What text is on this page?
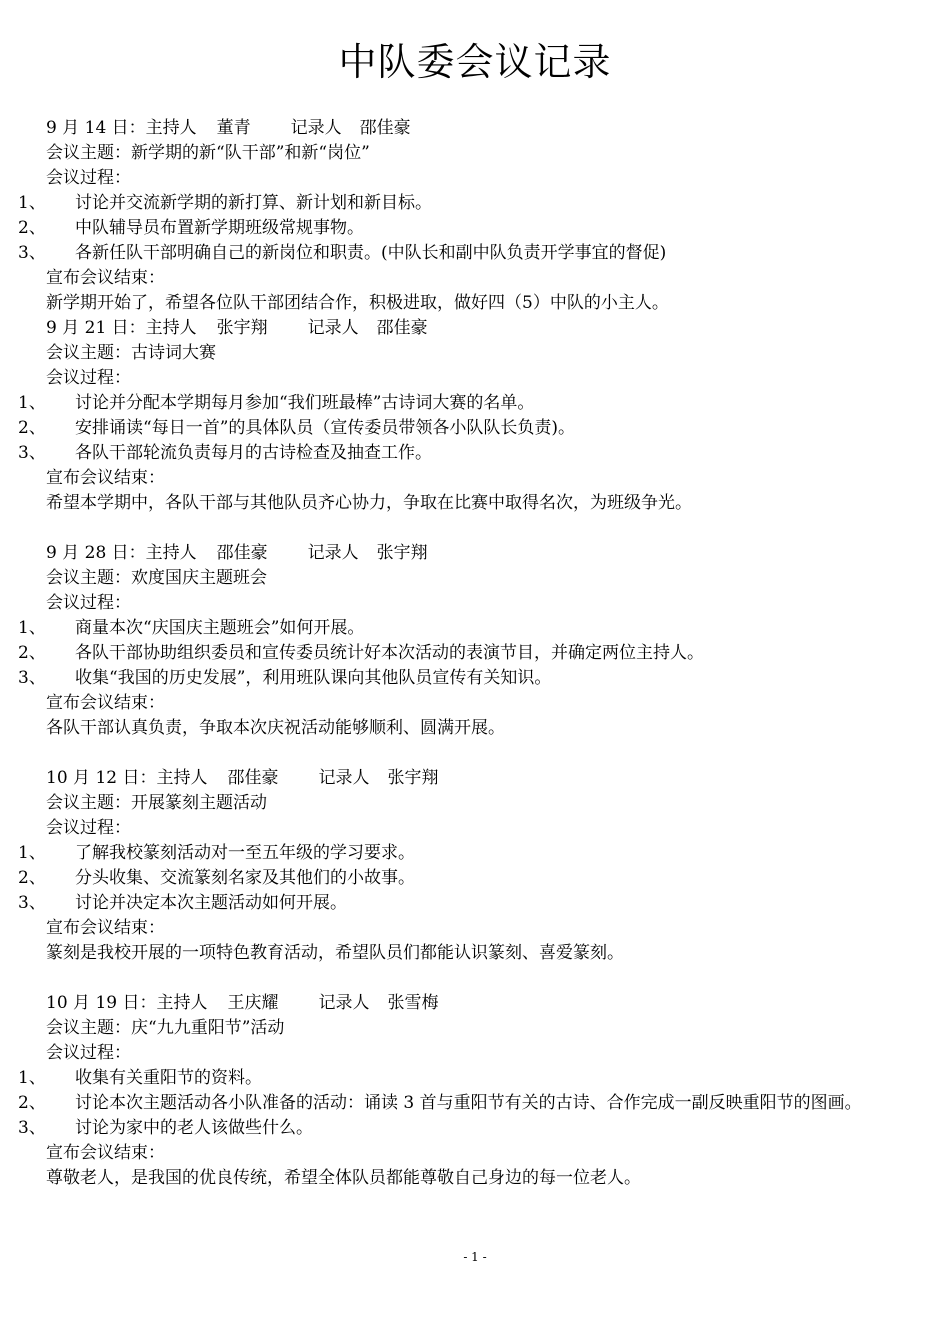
中队委会议记录
9 月 14 日：主持人 董青 记录人 邵佳豪
会议主题：新学期的新“队干部”和新“岗位”
会议过程：
1、 讨论并交流新学期的新打算、新计划和新目标。
2、 中队辅导员布置新学期班级常规事物。
3、 各新任队干部明确自己的新岗位和职责。(中队长和副中队负责开学事宜的督促)
宣布会议结束：
新学期开始了，希望各位队干部团结合作，积极进取，做好四（5）中队的小主人。
9 月 21 日：主持人 张宇翔 记录人 邵佳豪
会议主题：古诗词大赛
会议过程：
1、 讨论并分配本学期每月参加“我们班最棒”古诗词大赛的名单。
2、 安排诵读“每日一首”的具体队员（宣传委员带领各小队队长负责)。
3、 各队干部轮流负责每月的古诗检查及抽查工作。
宣布会议结束：
希望本学期中，各队干部与其他队员齐心协力，争取在比赛中取得名次，为班级争光。
9 月 28 日：主持人 邵佳豪 记录人 张宇翔
会议主题：欢度国庆主题班会
会议过程：
1、 商量本次“庆国庆主题班会”如何开展。
2、 各队干部协助组织委员和宣传委员统计好本次活动的表演节目，并确定两位主持人。
3、 收集“我国的历史发展”，利用班队课向其他队员宣传有关知识。
宣布会议结束：
各队干部认真负责，争取本次庆祝活动能够顺利、圆满开展。
10 月 12 日：主持人 邵佳豪 记录人 张宇翔
会议主题：开展篆刻主题活动
会议过程：
1、 了解我校篆刻活动对一至五年级的学习要求。
2、 分头收集、交流篆刻名家及其他们的小故事。
3、 讨论并决定本次主题活动如何开展。
宣布会议结束：
篆刻是我校开展的一项特色教育活动，希望队员们都能认识篆刻、喜爱篆刻。
10 月 19 日：主持人 王庆耀 记录人 张雪梅
会议主题：庆“九九重阳节”活动
会议过程：
1、 收集有关重阳节的资料。
2、	讨论本次主题活动各小队准备的活动：诵读 3 首与重阳节有关的古诗、合作完成一副反映重阳节的图画。
3、 讨论为家中的老人该做些什么。
宣布会议结束：
尊敬老人，是我国的优良传统，希望全体队员都能尊敬自己身边的每一位老人。
- 1 -
